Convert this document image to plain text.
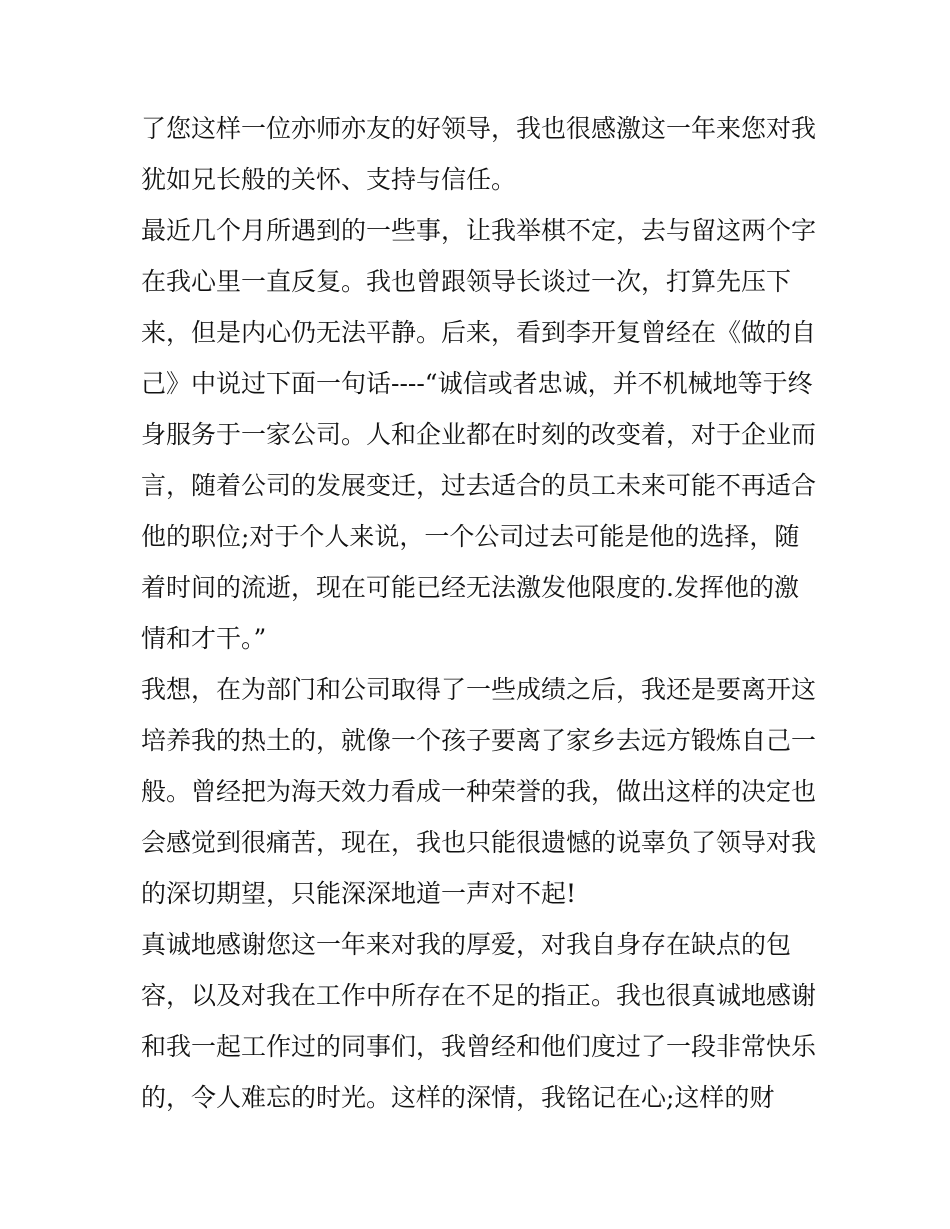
了您这样一位亦师亦友的好领导，我也很感激这一年来您对我
犹如兄长般的关怀、支持与信任。
最近几个月所遇到的一些事，让我举棋不定，去与留这两个字
在我心里一直反复。我也曾跟领导长谈过一次，打算先压下
来，但是内心仍无法平静。后来，看到李开复曾经在《做的自
己》中说过下面一句话----“诚信或者忠诚，并不机械地等于终
身服务于一家公司。人和企业都在时刻的改变着，对于企业而
言，随着公司的发展变迁，过去适合的员工未来可能不再适合
他的职位;对于个人来说，一个公司过去可能是他的选择，随
着时间的流逝，现在可能已经无法激发他限度的.发挥他的激
情和才干。”
我想，在为部门和公司取得了一些成绩之后，我还是要离开这
培养我的热土的，就像一个孩子要离了家乡去远方锻炼自己一
般。曾经把为海天效力看成一种荣誉的我，做出这样的决定也
会感觉到很痛苦，现在，我也只能很遗憾的说辜负了领导对我
的深切期望，只能深深地道一声对不起!
真诚地感谢您这一年来对我的厚爱，对我自身存在缺点的包
容，以及对我在工作中所存在不足的指正。我也很真诚地感谢
和我一起工作过的同事们，我曾经和他们度过了一段非常快乐
的，令人难忘的时光。这样的深情，我铭记在心;这样的财
